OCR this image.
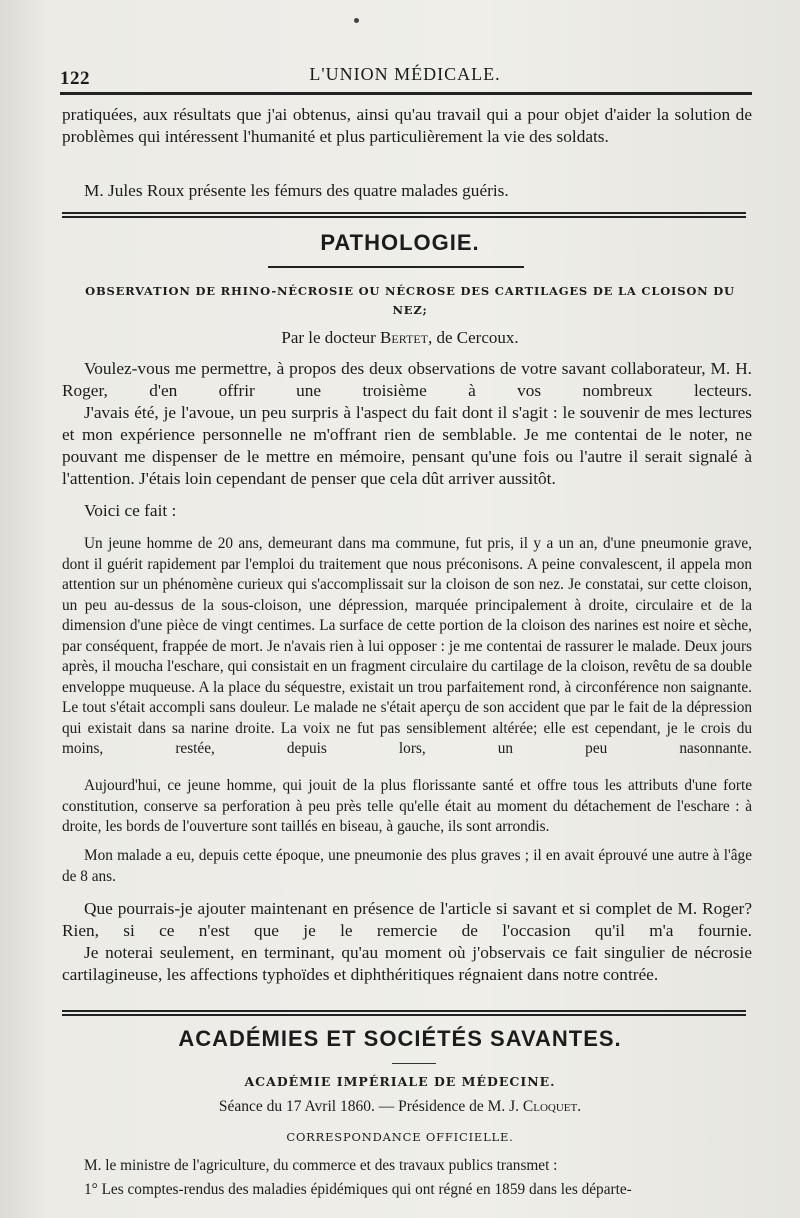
122	L'UNION MÉDICALE.
pratiquées, aux résultats que j'ai obtenus, ainsi qu'au travail qui a pour objet d'aider la solution de problèmes qui intéressent l'humanité et plus particulièrement la vie des soldats.
M. Jules Roux présente les fémurs des quatre malades guéris.
PATHOLOGIE.
OBSERVATION DE RHINO-NÉCROSIE OU NÉCROSE DES CARTILAGES DE LA CLOISON DU
NEZ;
Par le docteur Bertet, de Cercoux.
Voulez-vous me permettre, à propos des deux observations de votre savant collaborateur, M. H. Roger, d'en offrir une troisième à vos nombreux lecteurs.
J'avais été, je l'avoue, un peu surpris à l'aspect du fait dont il s'agit : le souvenir de mes lectures et mon expérience personnelle ne m'offrant rien de semblable. Je me contentai de le noter, ne pouvant me dispenser de le mettre en mémoire, pensant qu'une fois ou l'autre il serait signalé à l'attention. J'étais loin cependant de penser que cela dût arriver aussitôt.
Voici ce fait :
Un jeune homme de 20 ans, demeurant dans ma commune, fut pris, il y a un an, d'une pneumonie grave, dont il guérit rapidement par l'emploi du traitement que nous préconisons. A peine convalescent, il appela mon attention sur un phénomène curieux qui s'accomplissait sur la cloison de son nez. Je constatai, sur cette cloison, un peu au-dessus de la sous-cloison, une dépression, marquée principalement à droite, circulaire et de la dimension d'une pièce de vingt centimes. La surface de cette portion de la cloison des narines est noire et sèche, par conséquent, frappée de mort. Je n'avais rien à lui opposer : je me contentai de rassurer le malade. Deux jours après, il moucha l'eschare, qui consistait en un fragment circulaire du cartilage de la cloison, revêtu de sa double enveloppe muqueuse. A la place du séquestre, existait un trou parfaitement rond, à circonférence non saignante. Le tout s'était accompli sans douleur. Le malade ne s'était aperçu de son accident que par le fait de la dépression qui existait dans sa narine droite. La voix ne fut pas sensiblement altérée; elle est cependant, je le crois du moins, restée, depuis lors, un peu nasonnante.
Aujourd'hui, ce jeune homme, qui jouit de la plus florissante santé et offre tous les attributs d'une forte constitution, conserve sa perforation à peu près telle qu'elle était au moment du détachement de l'eschare : à droite, les bords de l'ouverture sont taillés en biseau, à gauche, ils sont arrondis.
Mon malade a eu, depuis cette époque, une pneumonie des plus graves ; il en avait éprouvé une autre à l'âge de 8 ans.
Que pourrais-je ajouter maintenant en présence de l'article si savant et si complet de M. Roger? Rien, si ce n'est que je le remercie de l'occasion qu'il m'a fournie.
Je noterai seulement, en terminant, qu'au moment où j'observais ce fait singulier de nécrosie cartilagineuse, les affections typhoïdes et diphthéritiques régnaient dans notre contrée.
ACADÉMIES ET SOCIÉTÉS SAVANTES.
ACADÉMIE IMPÉRIALE DE MÉDECINE.
Séance du 17 Avril 1860. — Présidence de M. J. Cloquet.
CORRESPONDANCE OFFICIELLE.
M. le ministre de l'agriculture, du commerce et des travaux publics transmet :
1° Les comptes-rendus des maladies épidémiques qui ont régné en 1859 dans les départe-
